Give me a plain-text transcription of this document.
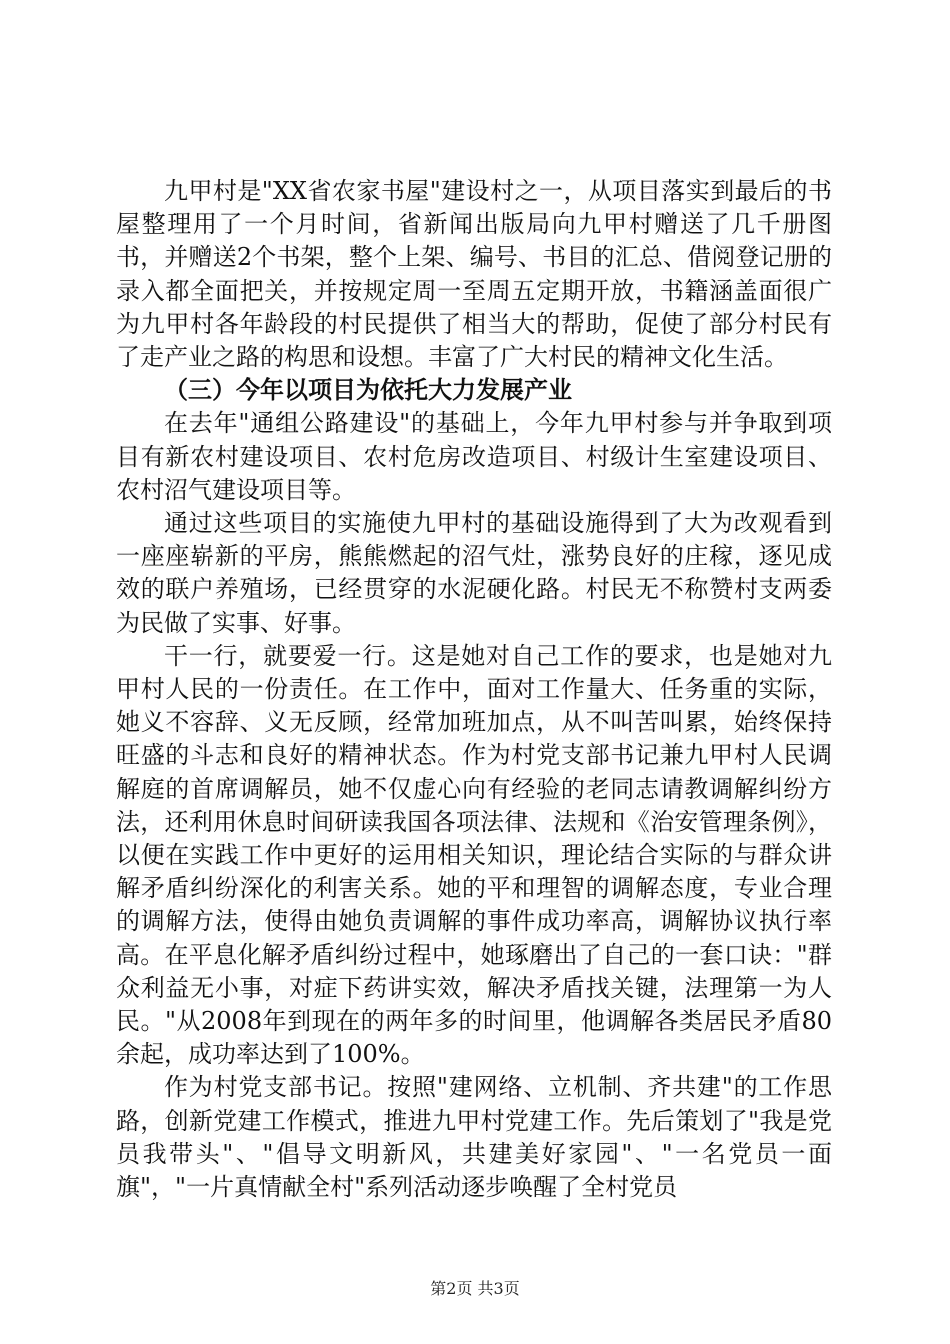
九甲村是"XX省农家书屋"建设村之一，从项目落实到最后的书屋整理用了一个月时间，省新闻出版局向九甲村赠送了几千册图书，并赠送2个书架，整个上架、编号、书目的汇总、借阅登记册的录入都全面把关，并按规定周一至周五定期开放，书籍涵盖面很广为九甲村各年龄段的村民提供了相当大的帮助，促使了部分村民有了走产业之路的构思和设想。丰富了广大村民的精神文化生活。

（三）今年以项目为依托大力发展产业

在去年"通组公路建设"的基础上，今年九甲村参与并争取到项目有新农村建设项目、农村危房改造项目、村级计生室建设项目、农村沼气建设项目等。

通过这些项目的实施使九甲村的基础设施得到了大为改观看到一座座崭新的平房，熊熊燃起的沼气灶，涨势良好的庄稼，逐见成效的联户养殖场，已经贯穿的水泥硬化路。村民无不称赞村支两委为民做了实事、好事。

干一行，就要爱一行。这是她对自己工作的要求，也是她对九甲村人民的一份责任。在工作中，面对工作量大、任务重的实际，她义不容辞、义无反顾，经常加班加点，从不叫苦叫累，始终保持旺盛的斗志和良好的精神状态。作为村党支部书记兼九甲村人民调解庭的首席调解员，她不仅虚心向有经验的老同志请教调解纠纷方法，还利用休息时间研读我国各项法律、法规和《治安管理条例》，以便在实践工作中更好的运用相关知识，理论结合实际的与群众讲解矛盾纠纷深化的利害关系。她的平和理智的调解态度，专业合理的调解方法，使得由她负责调解的事件成功率高，调解协议执行率高。在平息化解矛盾纠纷过程中，她琢磨出了自己的一套口诀："群众利益无小事，对症下药讲实效，解决矛盾找关键，法理第一为人民。"从2008年到现在的两年多的时间里，他调解各类居民矛盾80余起，成功率达到了100%。

作为村党支部书记。按照"建网络、立机制、齐共建"的工作思路，创新党建工作模式，推进九甲村党建工作。先后策划了"我是党员我带头"、"倡导文明新风，共建美好家园"、"一名党员一面旗"，"一片真情献全村"系列活动逐步唤醒了全村党员

第2页 共3页
